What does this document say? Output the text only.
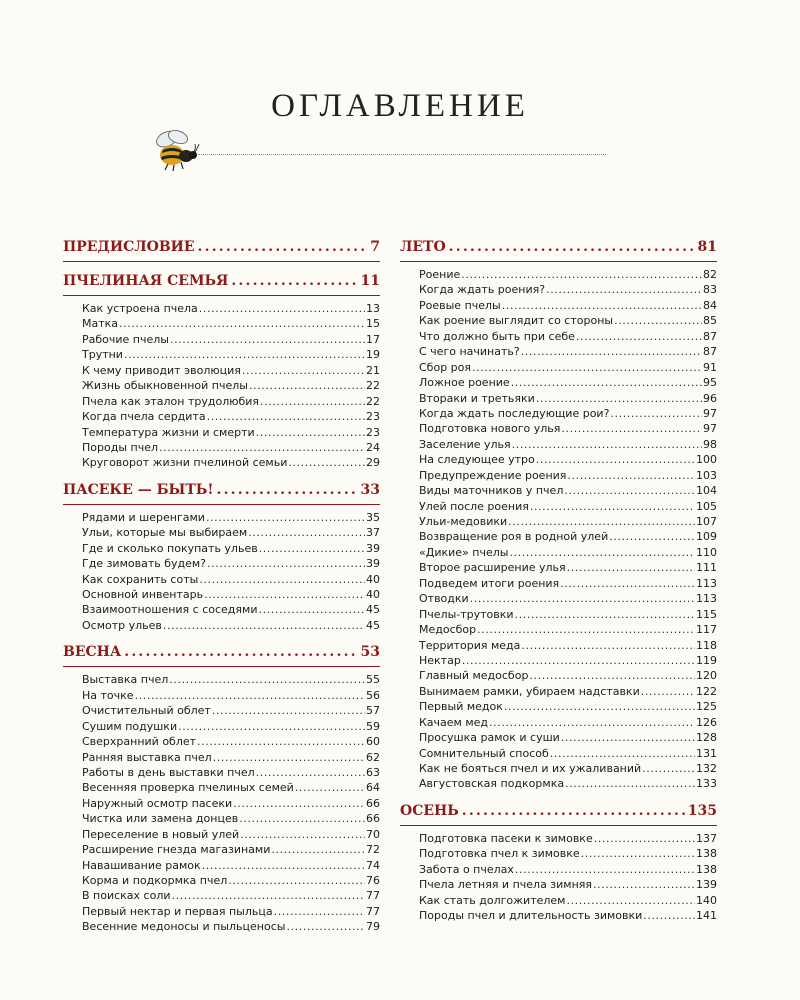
ОГЛАВЛЕНИЕ
ПРЕДИСЛОВИЕ .....	7
ПЧЕЛИНАЯ СЕМЬЯ .....	11
Как устроена пчела .....	13
Матка .....	15
Рабочие пчелы .....	17
Трутни .....	19
К чему приводит эволюция .....	21
Жизнь обыкновенной пчелы .....	22
Пчела как эталон трудолюбия .....	22
Когда пчела сердита .....	23
Температура жизни и смерти .....	23
Породы пчел .....	24
Круговорот жизни пчелиной семьи .....	29
ПАСЕКЕ — БЫТЬ! .....	33
Рядами и шеренгами .....	35
Ульи, которые мы выбираем .....	37
Где и сколько покупать ульев .....	39
Где зимовать будем? .....	39
Как сохранить соты .....	40
Основной инвентарь .....	40
Взаимоотношения с соседями .....	45
Осмотр ульев .....	45
ВЕСНА .....	53
Выставка пчел .....	55
На точке .....	56
Очистительный облет .....	57
Сушим подушки .....	59
Сверхранний облет .....	60
Ранняя выставка пчел .....	62
Работы в день выставки пчел .....	63
Весенняя проверка пчелиных семей .....	64
Наружный осмотр пасеки .....	66
Чистка или замена донцев .....	66
Переселение в новый улей .....	70
Расширение гнезда магазинами .....	72
Навашивание рамок .....	74
Корма и подкормка пчел .....	76
В поисках соли .....	77
Первый нектар и первая пыльца .....	77
Весенние медоносы и пыльценосы .....	79
ЛЕТО .....	81
Роение .....	82
Когда ждать роения? .....	83
Роевые пчелы .....	84
Как роение выглядит со стороны .....	85
Что должно быть при себе .....	87
С чего начинать? .....	87
Сбор роя .....	91
Ложное роение .....	95
Втораки и третьяки .....	96
Когда ждать последующие рои? .....	97
Подготовка нового улья .....	97
Заселение улья .....	98
На следующее утро .....	100
Предупреждение роения .....	103
Виды маточников у пчел .....	104
Улей после роения .....	105
Ульи-медовики .....	107
Возвращение роя в родной улей .....	109
«Дикие» пчелы .....	110
Второе расширение улья .....	111
Подведем итоги роения .....	113
Отводки .....	113
Пчелы-трутовки .....	115
Медосбор .....	117
Территория меда .....	118
Нектар .....	119
Главный медосбор .....	120
Вынимаем рамки, убираем надставки .....	122
Первый медок .....	125
Качаем мед .....	126
Просушка рамок и суши .....	128
Сомнительный способ .....	131
Как не бояться пчел и их ужаливаний .....	132
Августовская подкормка .....	133
ОСЕНЬ .....	135
Подготовка пасеки к зимовке .....	137
Подготовка пчел к зимовке .....	138
Забота о пчелах .....	138
Пчела летняя и пчела зимняя .....	139
Как стать долгожителем .....	140
Породы пчел и длительность зимовки .....	141
